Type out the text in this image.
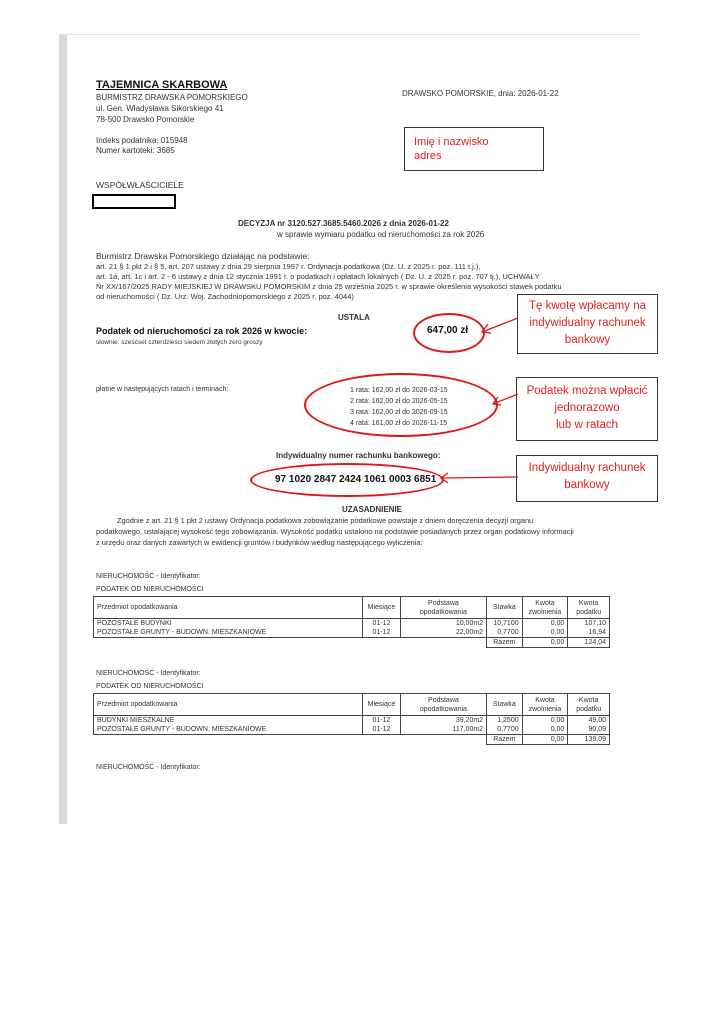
TAJEMNICA SKARBOWA
BURMISTRZ DRAWSKA POMORSKIEGO
ul. Gen. Władysława Sikorskiego 41
78-500 Drawsko Pomorskie
DRAWSKO POMORSKIE, dnia: 2026-01-22
Indeks podatnika: 015948
Numer kartoteki: 3685
Imię i nazwisko
adres
WSPÓŁWŁAŚCICIELE
DECYZJA nr 3120.527.3685.5460.2026 z dnia 2026-01-22
w sprawie wymiaru podatku od nieruchomości za rok 2026
Burmistrz Drawska Pomorskiego działając na podstawie:
art. 21 § 1 pkt 2 i § 5, art. 207 ustawy z dnia 29 sierpnia 1997 r. Ordynacja podatkowa (Dz. U. z 2025 r. poz. 111 t.j.),
art. 1a, art. 1c i art. 2 - 6 ustawy z dnia 12 stycznia 1991 r. o podatkach i opłatach lokalnych ( Dz. U. z 2025 r. poz. 707 tj.), UCHWAŁY
Nr XX/167/2025 RADY MIEJSKIEJ W DRAWSKU POMORSKIM z dnia 25 września 2025 r. w sprawie określenia wysokości stawek podatku
od nieruchomości ( Dz. Urz. Woj. Zachodniopomorskiego z 2025 r. poz. 4044)
USTALA
Podatek od nieruchomości za rok 2026 w kwocie:
słownie: sześćset czterdzieści siedem złotych zero groszy
647,00 zł
Tę kwotę wpłacamy na
indywidualny rachunek
bankowy
płatne w następujących ratach i terminach:	1 rata: 162,00 zł do 2026-03-15
2 rata: 162,00 zł do 2026-05-15
3 rata: 162,00 zł do 2026-09-15
4 rata: 161,00 zł do 2026-11-15
Podatek można wpłacić
jednorazowo
lub w ratach
Indywidualny numer rachunku bankowego:
97 1020 2847 2424 1061 0003 6851
Indywidualny rachunek
bankowy
UZASADNIENIE
Zgodnie z art. 21 § 1 pkt 2 ustawy Ordynacja podatkowa zobowiązanie podatkowe powstaje z dniem doręczenia decyzji organu
podatkowego, ustalającej wysokość tego zobowiązania. Wysokość podatku ustalono na podstawie posiadanych przez organ podatkowy informacji
z urzędu oraz danych zawartych w ewidencji gruntów i budynków według następującego wyliczenia:
NIERUCHOMOŚĆ - Identyfikator:
PODATEK OD NIERUCHOMOŚCI
Przedmiot opodatkowania	Miesiące	Podstawa opodatkowania	Stawka	Kwota zwolnienia	Kwota podatku
POZOSTAŁE BUDYNKI	01-12	10,00m2	10,7100	0,00	107,10
POZOSTAŁE GRUNTY - BUDOWN. MIESZKANIOWE	01-12	22,00m2	0,7700	0,00	16,94
			Razem	0,00	124,04
NIERUCHOMOŚĆ - Identyfikator:
PODATEK OD NIERUCHOMOŚCI
Przedmiot opodatkowania	Miesiące	Podstawa opodatkowania	Stawka	Kwota zwolnienia	Kwota podatku
BUDYNKI MIESZKALNE	01-12	39,20m2	1,2500	0,00	49,00
POZOSTAŁE GRUNTY - BUDOWN. MIESZKANIOWE	01-12	117,00m2	0,7700	0,00	90,09
			Razem	0,00	139,09
NIERUCHOMOŚĆ - Identyfikator:
